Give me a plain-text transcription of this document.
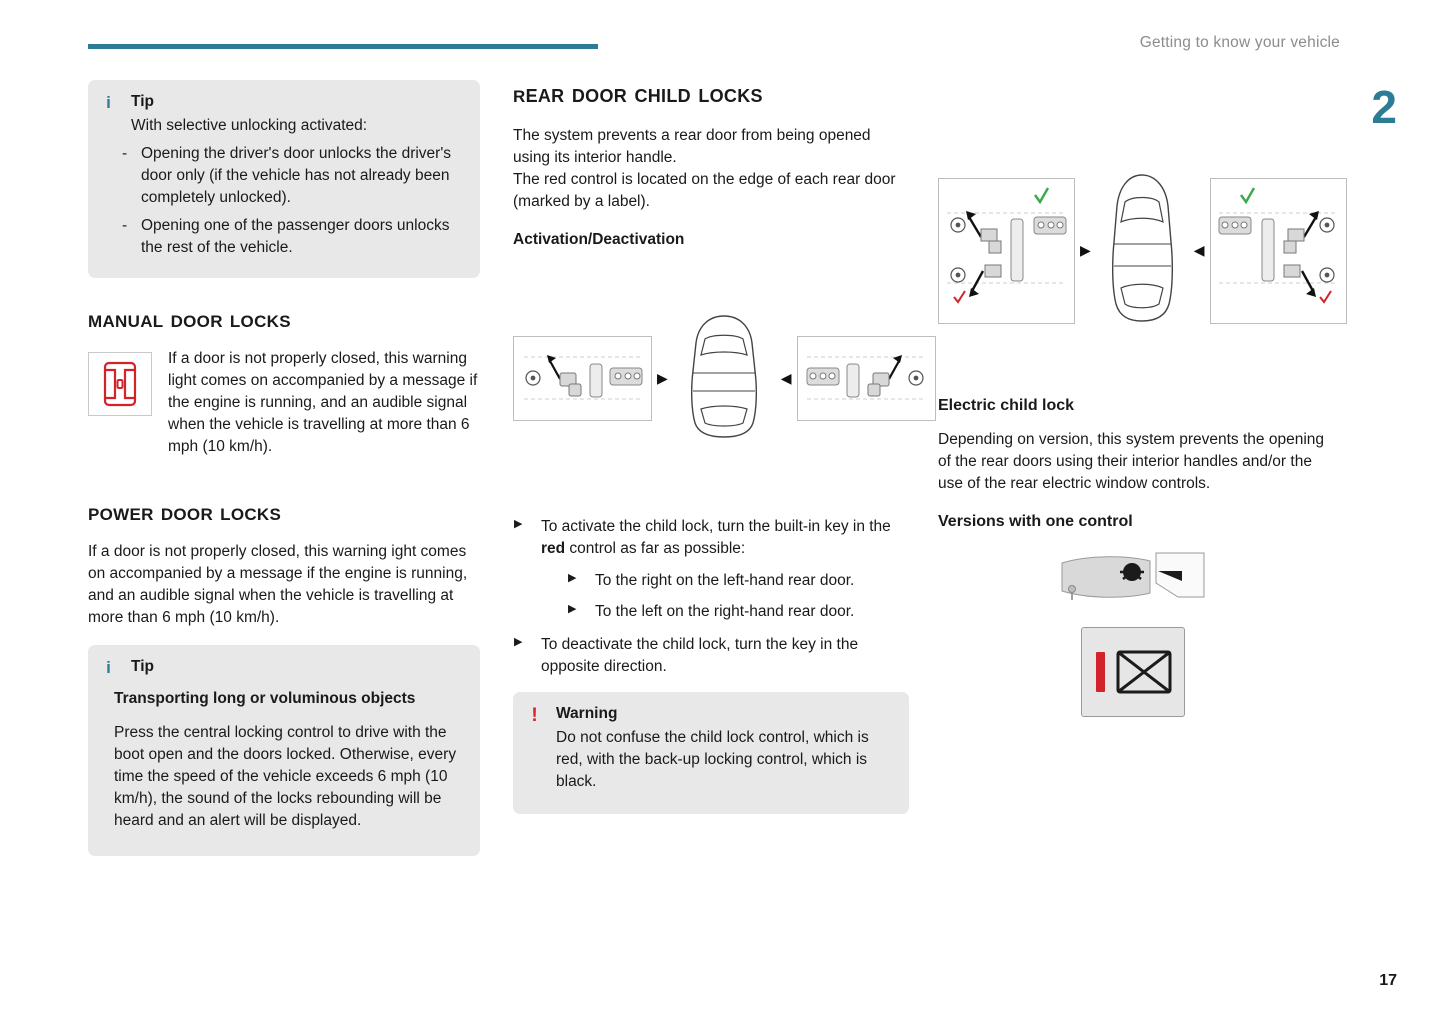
Getting to know your vehicle
2
17
i Tip

With selective unlocking activated:

- Opening the driver's door unlocks the driver's door only (if the vehicle has not already been completely unlocked).
- Opening one of the passenger doors unlocks the rest of the vehicle.
manual door locks

If a door is not properly closed, this warning light comes on accompanied by a message if the engine is running, and an audible signal when the vehicle is travelling at more than 6 mph (10 km/h).

power door locks

If a door is not properly closed, this warning ight comes on accompanied by a message if the engine is running, and an audible signal when the vehicle is travelling at more than 6 mph (10 km/h).

i Tip

Transporting long or voluminous objects

Press the central locking control to drive with the boot open and the doors locked. Otherwise, every time the speed of the vehicle exceeds 6 mph (10 km/h), the sound of the locks rebounding will be heard and an alert will be displayed.

rear door child locks

The system prevents a rear door from being opened using its interior handle.

The red control is located on the edge of each rear door (marked by a label).

Activation/Deactivation

▶	◀
▶ To activate the child lock, turn the built-in key in the red control as far as possible:
▶ To the right on the left-hand rear door.
▶ To the left on the right-hand rear door.
▶ To deactivate the child lock, turn the key in the opposite direction.
! Warning

Do not confuse the child lock control, which is red, with the back-up locking control, which is black.

▶	◀

Electric child lock

Depending on version, this system prevents the opening of the rear doors using their interior handles and/or the use of the rear electric window controls.

Versions with one control
